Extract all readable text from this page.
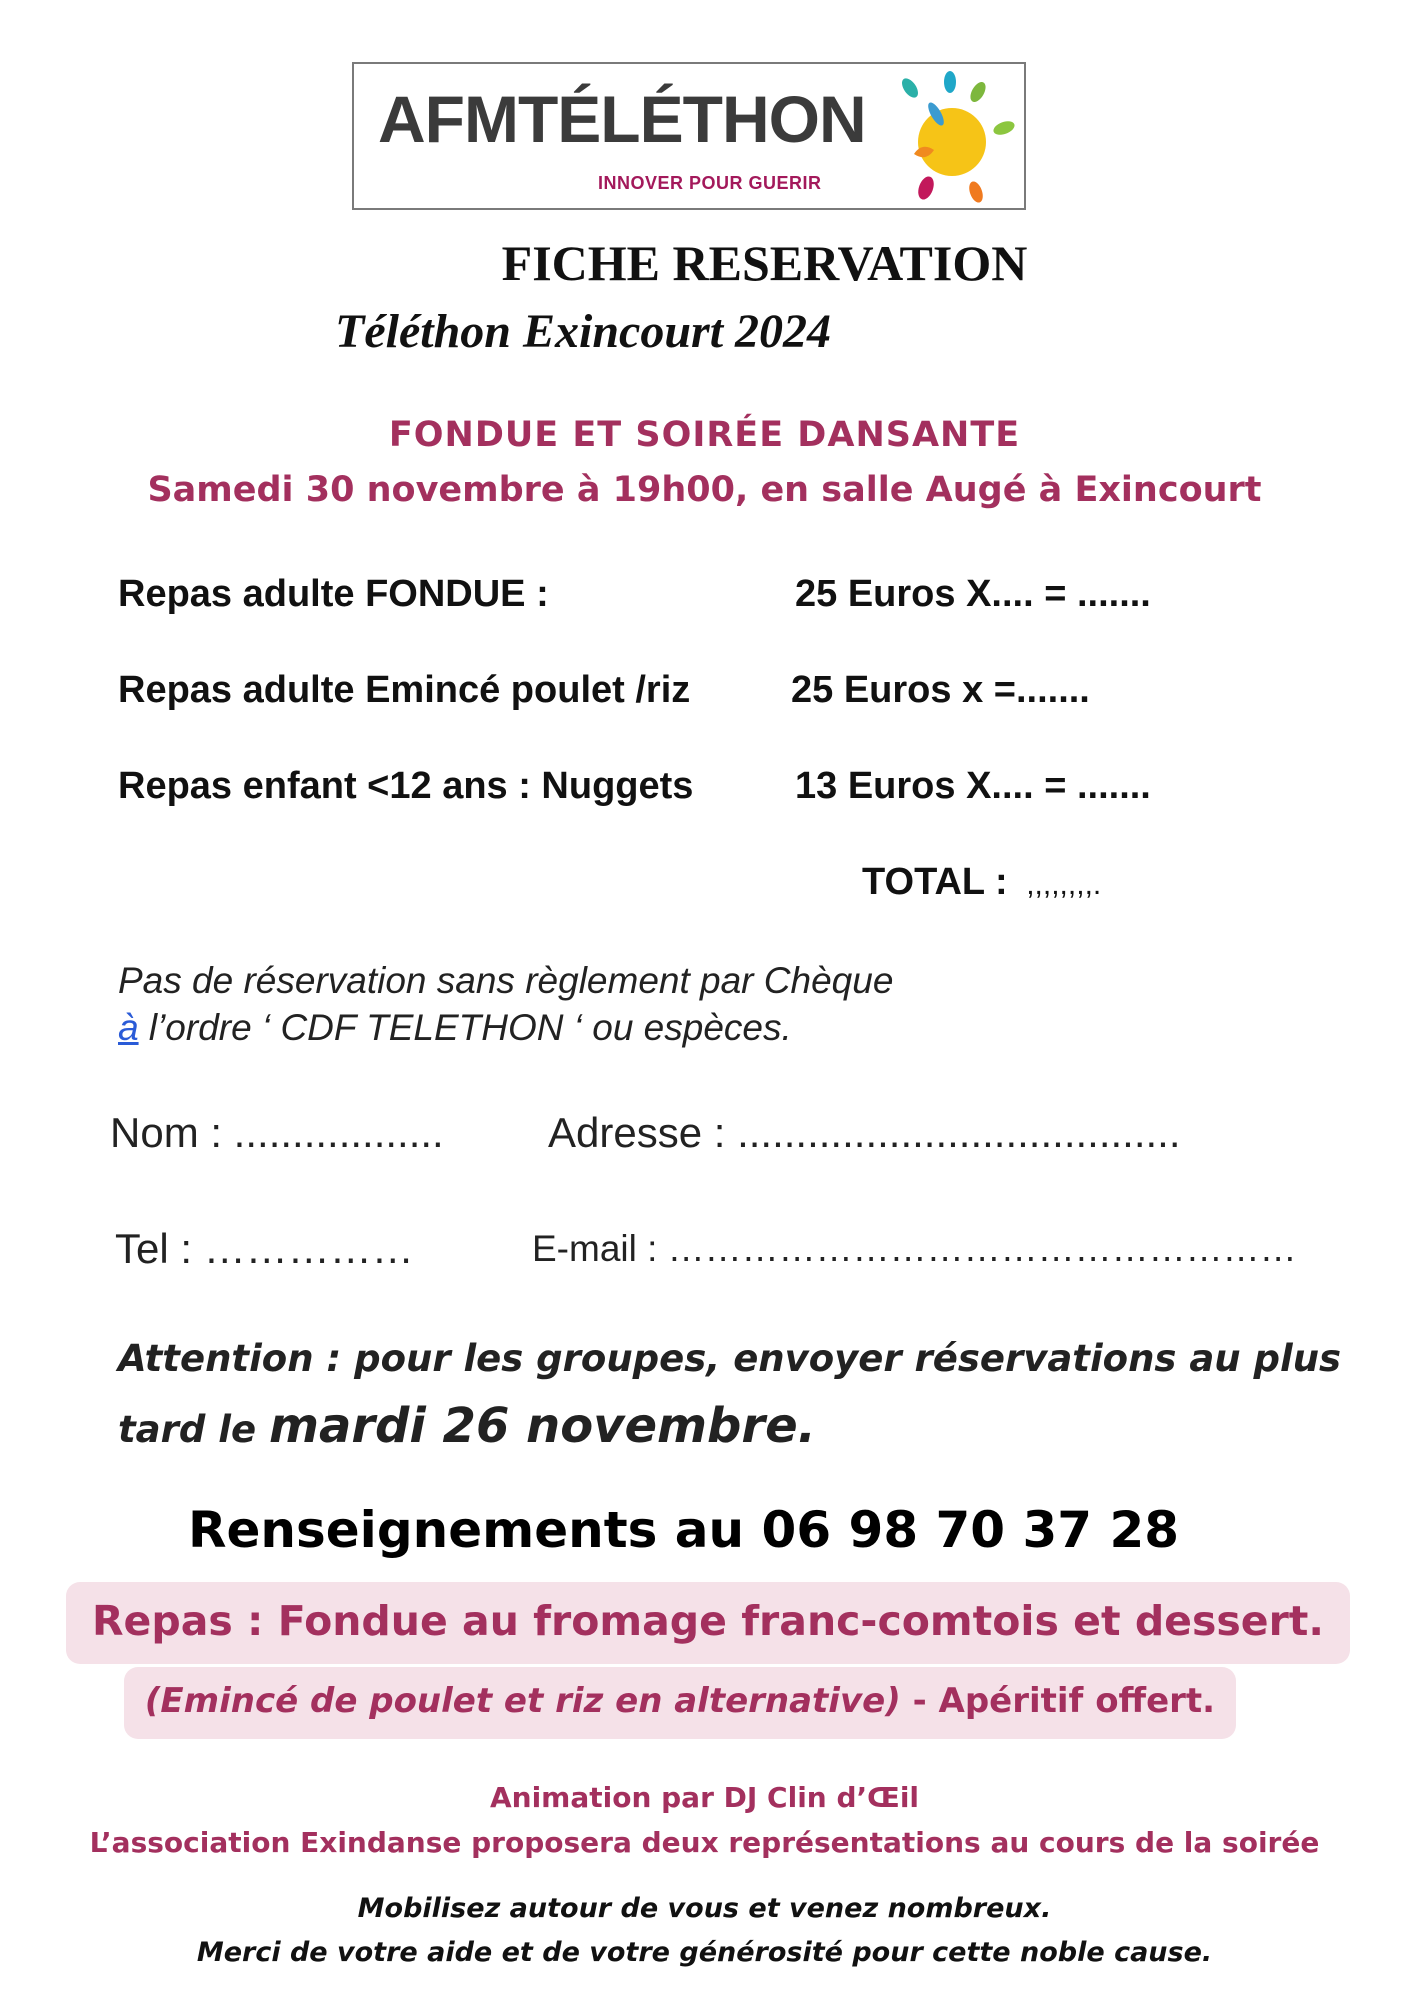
AFMTÉLÉTHON
INNOVER POUR GUERIR
FICHE RESERVATION
Téléthon Exincourt 2024
FONDUE ET SOIRÉE DANSANTE
Samedi 30 novembre à 19h00, en salle Augé à Exincourt
Repas adulte FONDUE :	25 Euros X.... = .......
Repas adulte Emincé poulet /riz	25 Euros x =.......
Repas enfant <12 ans : Nuggets	13 Euros X.... = .......
TOTAL : ,,,,,,,,.
Pas de réservation sans règlement par Chèque
à l’ordre ‘ CDF TELETHON ‘ ou espèces.
Nom : .................. Adresse : ......................................
Tel : ……………	E-mail : ……………………………………………
Attention : pour les groupes, envoyer réservations au plus
tard le mardi 26 novembre.
Renseignements au 06 98 70 37 28
Repas : Fondue au fromage franc-comtois et dessert.
(Emincé de poulet et riz en alternative) - Apéritif offert.
Animation par DJ Clin d’Œil
L’association Exindanse proposera deux représentations au cours de la soirée
Mobilisez autour de vous et venez nombreux.
Merci de votre aide et de votre générosité pour cette noble cause.
